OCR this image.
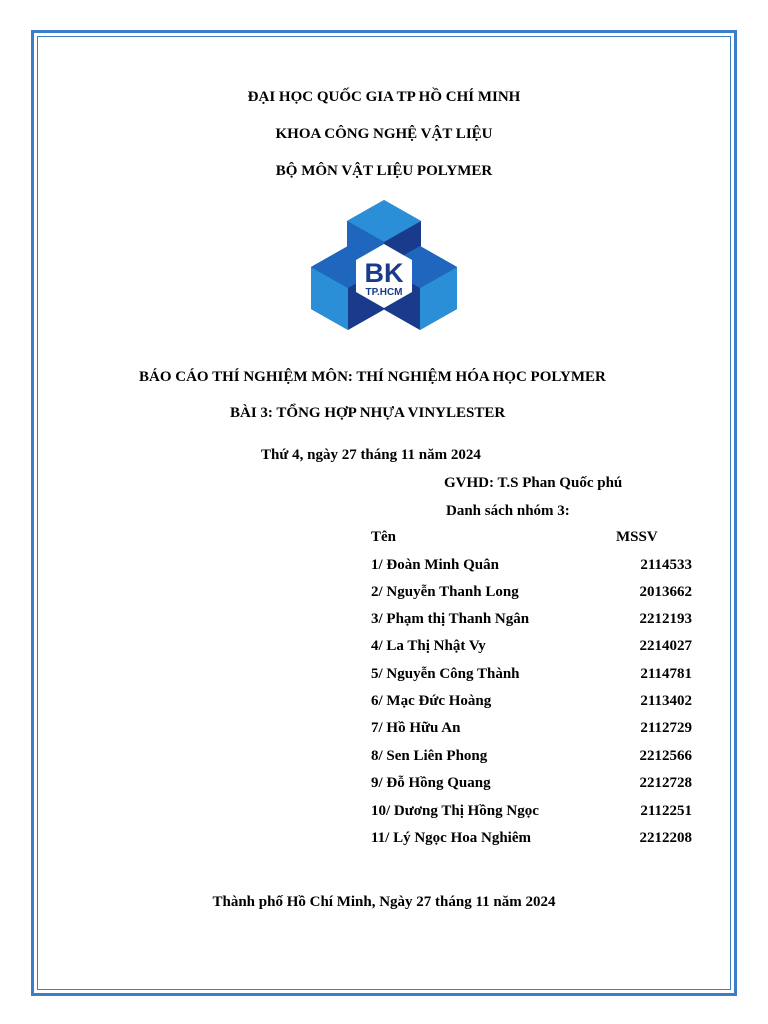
ĐẠI HỌC QUỐC GIA TP HỒ CHÍ MINH
KHOA CÔNG NGHỆ VẬT LIỆU
BỘ MÔN VẬT LIỆU POLYMER
BK
TP.HCM
BÁO CÁO THÍ NGHIỆM MÔN: THÍ NGHIỆM HÓA HỌC POLYMER
BÀI 3: TỔNG HỢP NHỰA VINYLESTER
Thứ 4, ngày 27 tháng 11 năm 2024
GVHD: T.S Phan Quốc phú
Danh sách nhóm 3:
Tên	MSSV
1/ Đoàn Minh Quân	2114533
2/ Nguyễn Thanh Long	2013662
3/ Phạm thị Thanh Ngân	2212193
4/ La Thị Nhật Vy	2214027
5/ Nguyễn Công Thành	2114781
6/ Mạc Đức Hoàng	2113402
7/ Hồ Hữu An	2112729
8/ Sen Liên Phong	2212566
9/ Đỗ Hồng Quang	2212728
10/ Dương Thị Hồng Ngọc	2112251
11/ Lý Ngọc Hoa Nghiêm	2212208
Thành phố Hồ Chí Minh, Ngày 27 tháng 11 năm 2024
